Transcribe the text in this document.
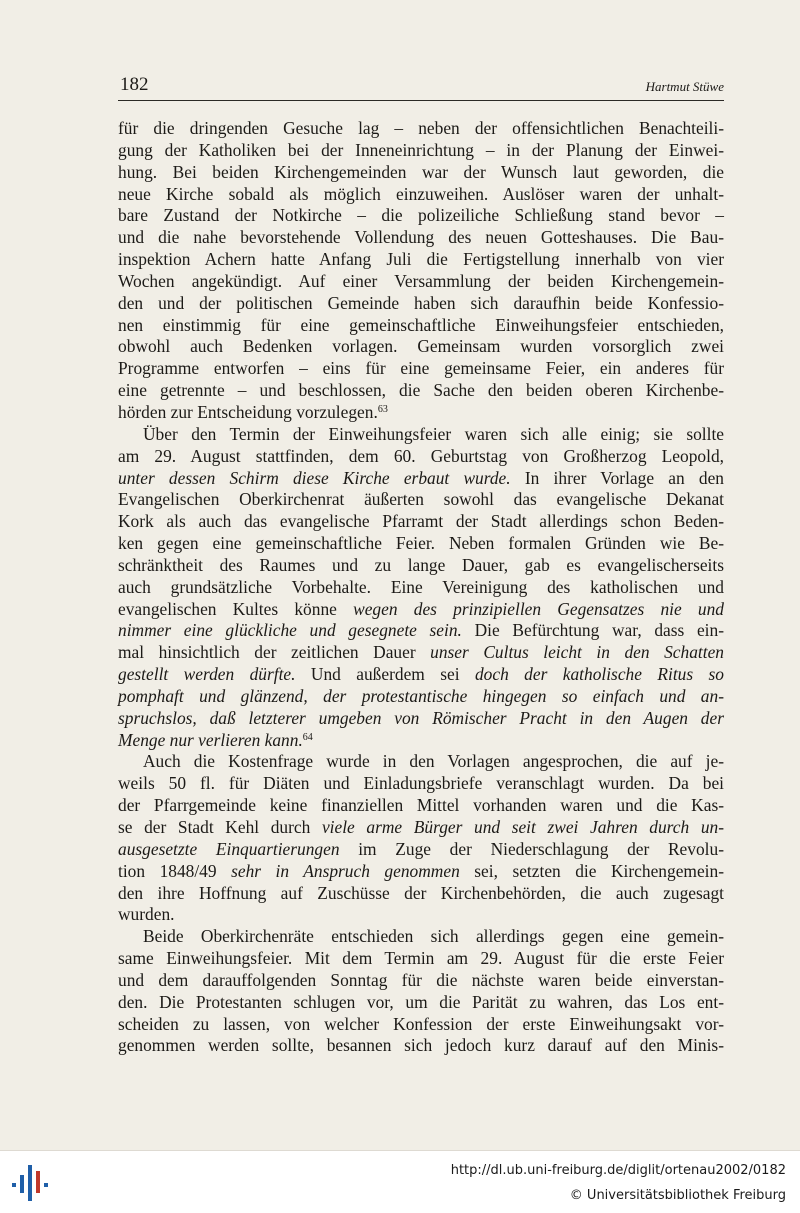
182	Hartmut Stüwe

für die dringenden Gesuche lag – neben der offensichtlichen Benachteili-
gung der Katholiken bei der Inneneinrichtung – in der Planung der Einwei-
hung. Bei beiden Kirchengemeinden war der Wunsch laut geworden, die
neue Kirche sobald als möglich einzuweihen. Auslöser waren der unhalt-
bare Zustand der Notkirche – die polizeiliche Schließung stand bevor –
und die nahe bevorstehende Vollendung des neuen Gotteshauses. Die Bau-
inspektion Achern hatte Anfang Juli die Fertigstellung innerhalb von vier
Wochen angekündigt. Auf einer Versammlung der beiden Kirchengemein-
den und der politischen Gemeinde haben sich daraufhin beide Konfessio-
nen einstimmig für eine gemeinschaftliche Einweihungsfeier entschieden,
obwohl auch Bedenken vorlagen. Gemeinsam wurden vorsorglich zwei
Programme entworfen – eins für eine gemeinsame Feier, ein anderes für
eine getrennte – und beschlossen, die Sache den beiden oberen Kirchenbe-
hörden zur Entscheidung vorzulegen.$^{63}$

Über den Termin der Einweihungsfeier waren sich alle einig; sie sollte
am 29. August stattfinden, dem 60. Geburtstag von Großherzog Leopold,
unter dessen Schirm diese Kirche erbaut wurde. In ihrer Vorlage an den
Evangelischen Oberkirchenrat äußerten sowohl das evangelische Dekanat
Kork als auch das evangelische Pfarramt der Stadt allerdings schon Beden-
ken gegen eine gemeinschaftliche Feier. Neben formalen Gründen wie Be-
schränktheit des Raumes und zu lange Dauer, gab es evangelischerseits
auch grundsätzliche Vorbehalte. Eine Vereinigung des katholischen und
evangelischen Kultes könne wegen des prinzipiellen Gegensatzes nie und
nimmer eine glückliche und gesegnete sein. Die Befürchtung war, dass ein-
mal hinsichtlich der zeitlichen Dauer unser Cultus leicht in den Schatten
gestellt werden dürfte. Und außerdem sei doch der katholische Ritus so
pomphaft und glänzend, der protestantische hingegen so einfach und an-
spruchslos, daß letzterer umgeben von Römischer Pracht in den Augen der
Menge nur verlieren kann.$^{64}$

Auch die Kostenfrage wurde in den Vorlagen angesprochen, die auf je-
weils 50 fl. für Diäten und Einladungsbriefe veranschlagt wurden. Da bei
der Pfarrgemeinde keine finanziellen Mittel vorhanden waren und die Kas-
se der Stadt Kehl durch viele arme Bürger und seit zwei Jahren durch un-
ausgesetzte Einquartierungen im Zuge der Niederschlagung der Revolu-
tion 1848/49 sehr in Anspruch genommen sei, setzten die Kirchengemein-
den ihre Hoffnung auf Zuschüsse der Kirchenbehörden, die auch zugesagt
wurden.

Beide Oberkirchenräte entschieden sich allerdings gegen eine gemein-
same Einweihungsfeier. Mit dem Termin am 29. August für die erste Feier
und dem darauffolgenden Sonntag für die nächste waren beide einverstan-
den. Die Protestanten schlugen vor, um die Parität zu wahren, das Los ent-
scheiden zu lassen, von welcher Konfession der erste Einweihungsakt vor-
genommen werden sollte, besannen sich jedoch kurz darauf auf den Minis-

http://dl.ub.uni-freiburg.de/diglit/ortenau2002/0182
© Universitätsbibliothek Freiburg
